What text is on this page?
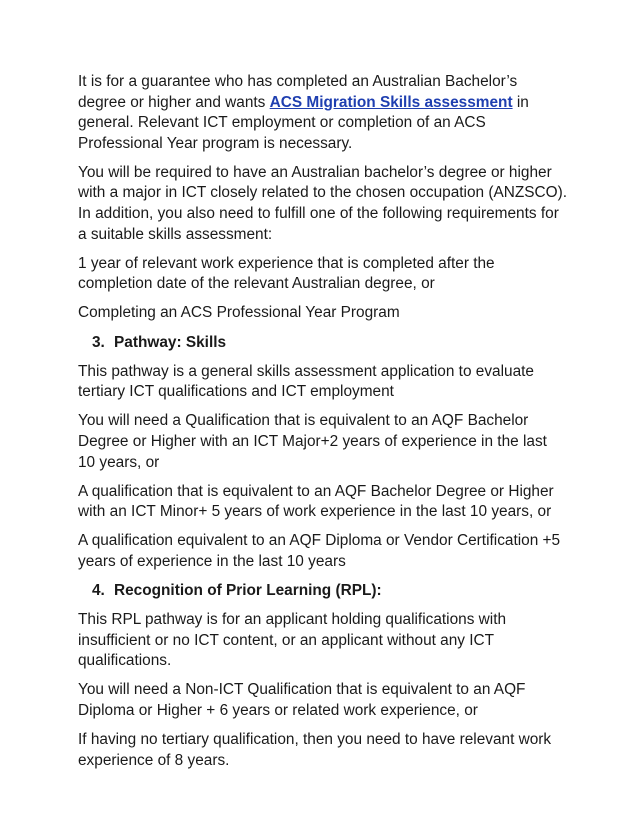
It is for a guarantee who has completed an Australian Bachelor’s degree or higher and wants ACS Migration Skills assessment in general. Relevant ICT employment or completion of an ACS Professional Year program is necessary.

You will be required to have an Australian bachelor’s degree or higher with a major in ICT closely related to the chosen occupation (ANZSCO). In addition, you also need to fulfill one of the following requirements for a suitable skills assessment:

1 year of relevant work experience that is completed after the completion date of the relevant Australian degree, or

Completing an ACS Professional Year Program

3. Pathway: Skills

This pathway is a general skills assessment application to evaluate tertiary ICT qualifications and ICT employment

You will need a Qualification that is equivalent to an AQF Bachelor Degree or Higher with an ICT Major+2 years of experience in the last 10 years, or

A qualification that is equivalent to an AQF Bachelor Degree or Higher with an ICT Minor+ 5 years of work experience in the last 10 years, or

A qualification equivalent to an AQF Diploma or Vendor Certification +5 years of experience in the last 10 years

4. Recognition of Prior Learning (RPL):

This RPL pathway is for an applicant holding qualifications with insufficient or no ICT content, or an applicant without any ICT qualifications.

You will need a Non-ICT Qualification that is equivalent to an AQF Diploma or Higher + 6 years or related work experience, or

If having no tertiary qualification, then you need to have relevant work experience of 8 years.
